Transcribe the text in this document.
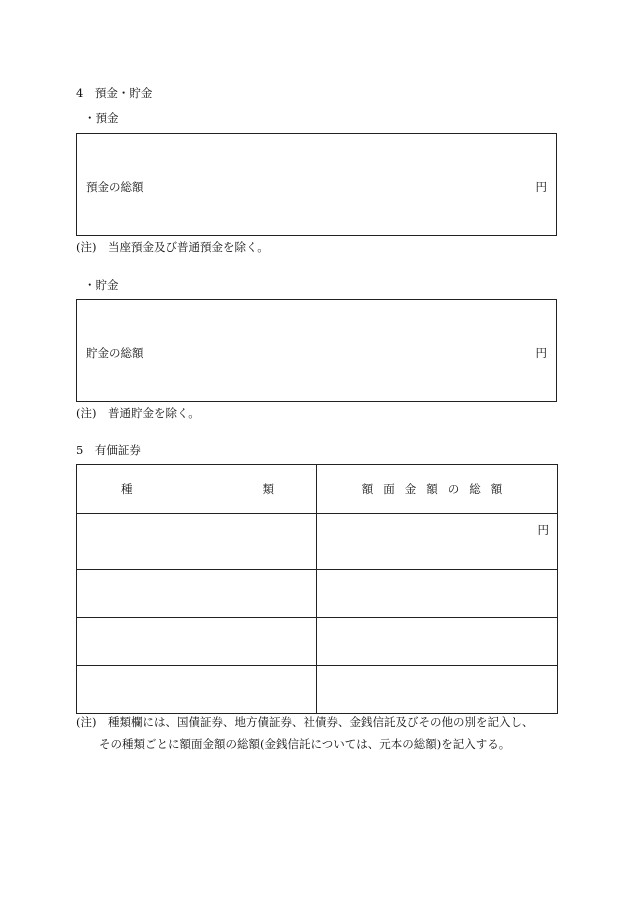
4　預金・貯金
・預金
預金の総額	円
(注)　当座預金及び普通預金を除く。
・貯金
貯金の総額	円
(注)　普通貯金を除く。
5　有価証券
種 類	額面金額の総額
	円

(注)　種類欄には、国債証券、地方債証券、社債券、金銭信託及びその他の別を記入し、
その種類ごとに額面金額の総額(金銭信託については、元本の総額)を記入する。
